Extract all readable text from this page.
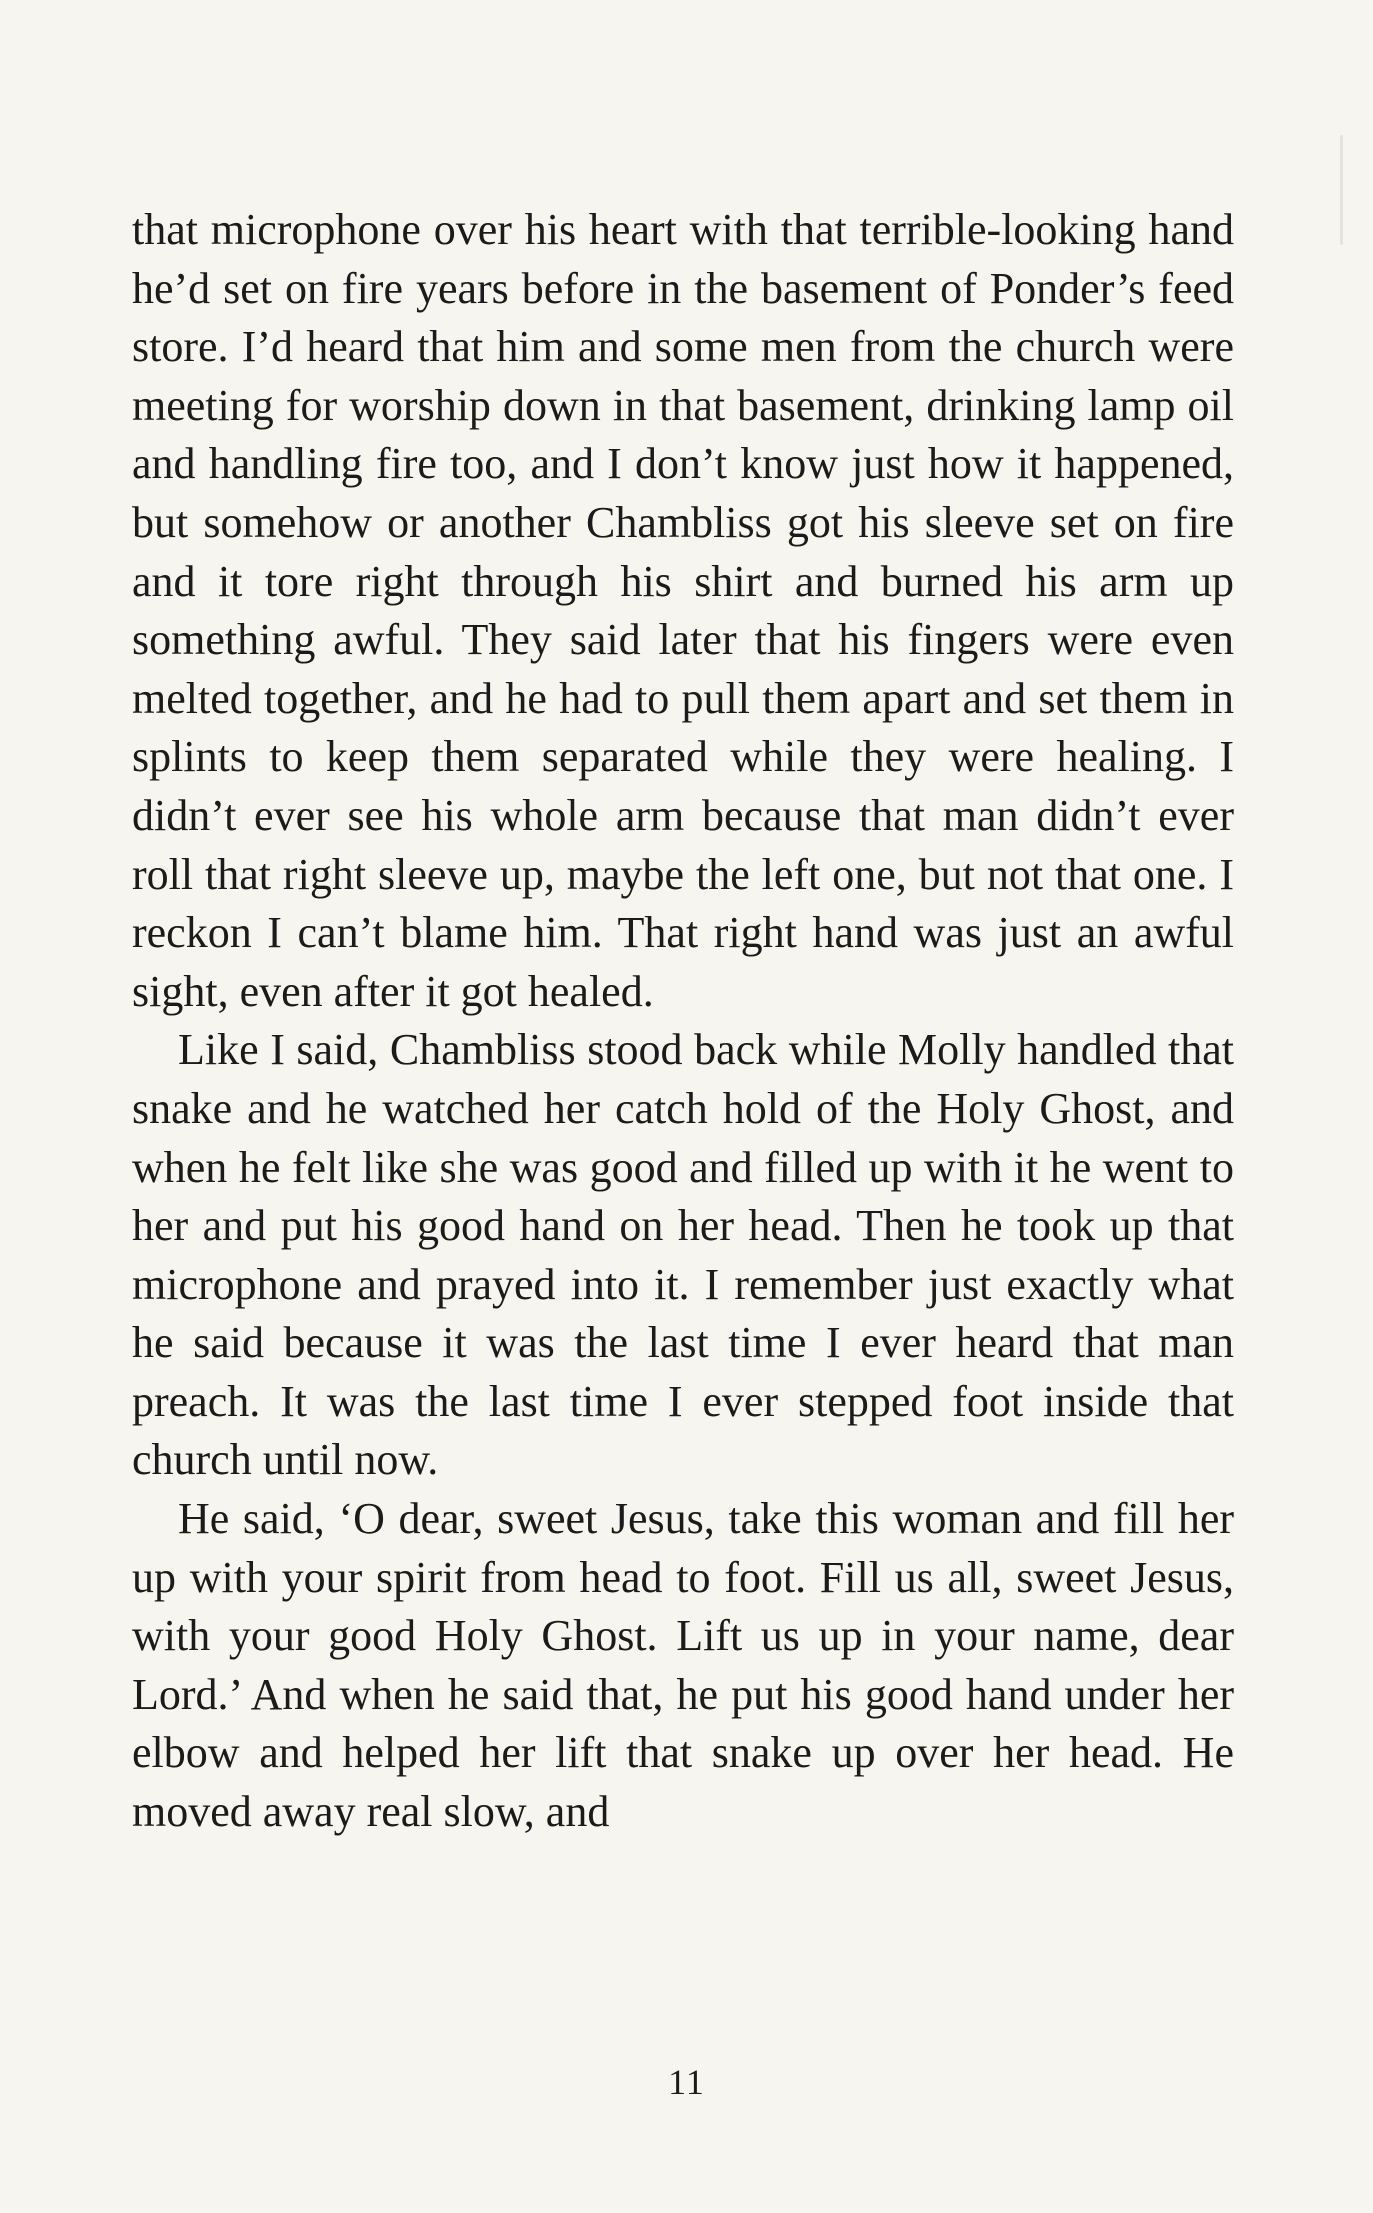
that microphone over his heart with that terrible-looking hand he’d set on fire years before in the basement of Ponder’s feed store. I’d heard that him and some men from the church were meeting for worship down in that basement, drinking lamp oil and handling fire too, and I don’t know just how it happened, but somehow or another Chambliss got his sleeve set on fire and it tore right through his shirt and burned his arm up something awful. They said later that his fingers were even melted together, and he had to pull them apart and set them in splints to keep them separated while they were healing. I didn’t ever see his whole arm because that man didn’t ever roll that right sleeve up, maybe the left one, but not that one. I reckon I can’t blame him. That right hand was just an awful sight, even after it got healed.

Like I said, Chambliss stood back while Molly handled that snake and he watched her catch hold of the Holy Ghost, and when he felt like she was good and filled up with it he went to her and put his good hand on her head. Then he took up that microphone and prayed into it. I remember just exactly what he said because it was the last time I ever heard that man preach. It was the last time I ever stepped foot inside that church until now.

He said, ‘O dear, sweet Jesus, take this woman and fill her up with your spirit from head to foot. Fill us all, sweet Jesus, with your good Holy Ghost. Lift us up in your name, dear Lord.’ And when he said that, he put his good hand under her elbow and helped her lift that snake up over her head. He moved away real slow, and

11
